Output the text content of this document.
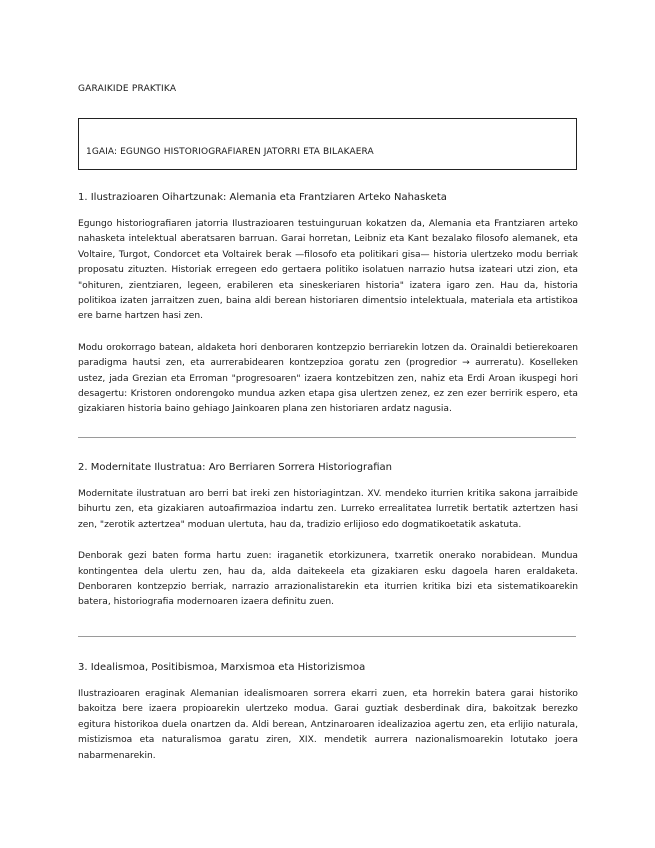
GARAIKIDE PRAKTIKA
1GAIA: EGUNGO HISTORIOGRAFIAREN JATORRI ETA BILAKAERA
1. Ilustrazioaren Oihartzunak: Alemania eta Frantziaren Arteko Nahasketa

Egungo historiografiaren jatorria Ilustrazioaren testuinguruan kokatzen da, Alemania eta Frantziaren arteko nahasketa intelektual aberatsaren barruan. Garai horretan, Leibniz eta Kant bezalako filosofo alemanek, eta Voltaire, Turgot, Condorcet eta Voltairek berak —filosofo eta politikari gisa— historia ulertzeko modu berriak proposatu zituzten. Historiak erregeen edo gertaera politiko isolatuen narrazio hutsa izateari utzi zion, eta "ohituren, zientziaren, legeen, erabileren eta sineskeriaren historia" izatera igaro zen. Hau da, historia politikoa izaten jarraitzen zuen, baina aldi berean historiaren dimentsio intelektuala, materiala eta artistikoa ere barne hartzen hasi zen.

Modu orokorrago batean, aldaketa hori denboraren kontzepzio berriarekin lotzen da. Orainaldi betierekoaren paradigma hautsi zen, eta aurrerabidearen kontzepzioa goratu zen (progredior → aurreratu). Koselleken ustez, jada Grezian eta Erroman "progresoaren" izaera kontzebitzen zen, nahiz eta Erdi Aroan ikuspegi hori desagertu: Kristoren ondorengoko mundua azken etapa gisa ulertzen zenez, ez zen ezer berririk espero, eta gizakiaren historia baino gehiago Jainkoaren plana zen historiaren ardatz nagusia.

2. Modernitate Ilustratua: Aro Berriaren Sorrera Historiografian

Modernitate ilustratuan aro berri bat ireki zen historiagintzan. XV. mendeko iturrien kritika sakona jarraibide bihurtu zen, eta gizakiaren autoafirmazioa indartu zen. Lurreko errealitatea lurretik bertatik aztertzen hasi zen, "zerotik aztertzea" moduan ulertuta, hau da, tradizio erlijioso edo dogmatikoetatik askatuta.

Denborak gezi baten forma hartu zuen: iraganetik etorkizunera, txarretik onerako norabidean. Mundua kontingentea dela ulertu zen, hau da, alda daitekeela eta gizakiaren esku dagoela haren eraldaketa. Denboraren kontzepzio berriak, narrazio arrazionalistarekin eta iturrien kritika bizi eta sistematikoarekin batera, historiografia modernoaren izaera definitu zuen.

3. Idealismoa, Positibismoa, Marxismoa eta Historizismoa

Ilustrazioaren eraginak Alemanian idealismoaren sorrera ekarri zuen, eta horrekin batera garai historiko bakoitza bere izaera propioarekin ulertzeko modua. Garai guztiak desberdinak dira, bakoitzak berezko egitura historikoa duela onartzen da. Aldi berean, Antzinaroaren idealizazioa agertu zen, eta erlijio naturala, mistizismoa eta naturalismoa garatu ziren, XIX. mendetik aurrera nazionalismoarekin lotutako joera nabarmenarekin.
